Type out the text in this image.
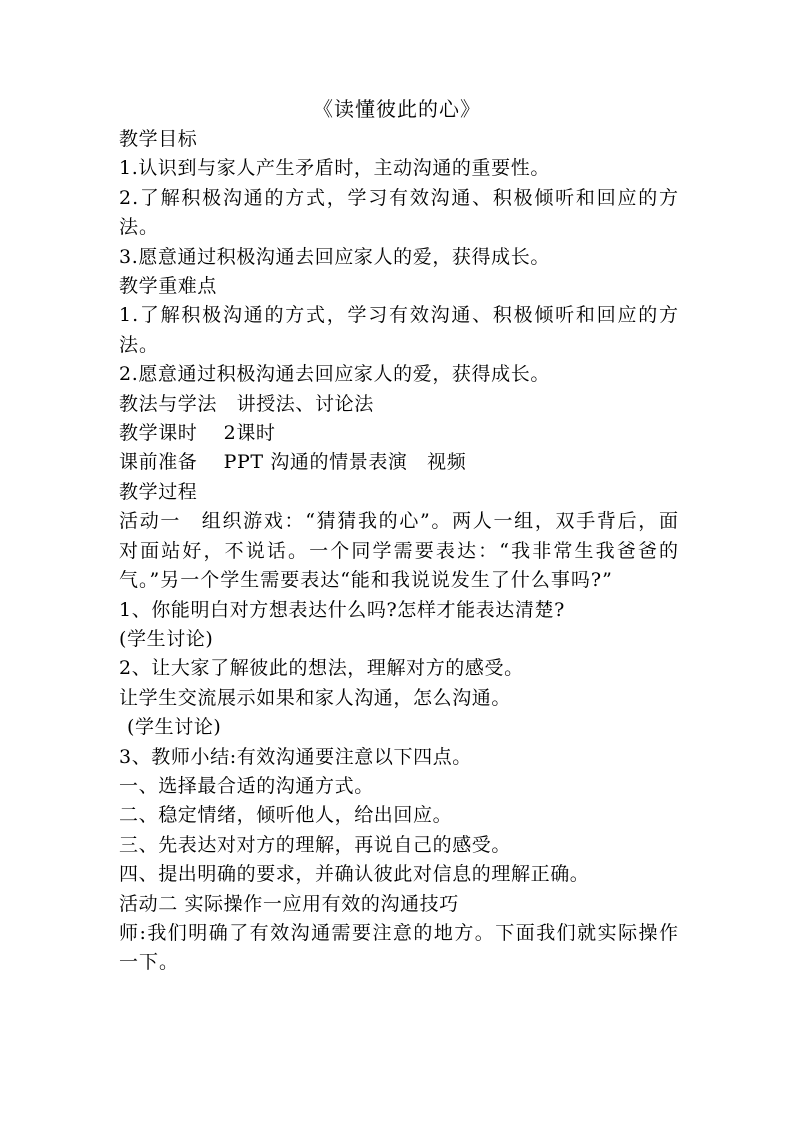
《读懂彼此的心》

教学目标

1.认识到与家人产生矛盾时，主动沟通的重要性。

2.了解积极沟通的方式，学习有效沟通、积极倾听和回应的方法。

3.愿意通过积极沟通去回应家人的爱，获得成长。

教学重难点

1.了解积极沟通的方式，学习有效沟通、积极倾听和回应的方法。

2.愿意通过积极沟通去回应家人的爱，获得成长。

教法与学法　讲授法、讨论法

教学课时　 2课时

课前准备　 PPT 沟通的情景表演　视频

教学过程

活动一　组织游戏：“猜猜我的心”。两人一组，双手背后，面对面站好，不说话。一个同学需要表达：“我非常生我爸爸的气。”另一个学生需要表达“能和我说说发生了什么事吗?”

1、你能明白对方想表达什么吗?怎样才能表达清楚?

(学生讨论)

2、让大家了解彼此的想法，理解对方的感受。

让学生交流展示如果和家人沟通，怎么沟通。

(学生讨论)

3、教师小结:有效沟通要注意以下四点。

一、选择最合适的沟通方式。

二、稳定情绪，倾听他人，给出回应。

三、先表达对对方的理解，再说自己的感受。

四、提出明确的要求，并确认彼此对信息的理解正确。

活动二 实际操作一应用有效的沟通技巧

师:我们明确了有效沟通需要注意的地方。下面我们就实际操作一下。
